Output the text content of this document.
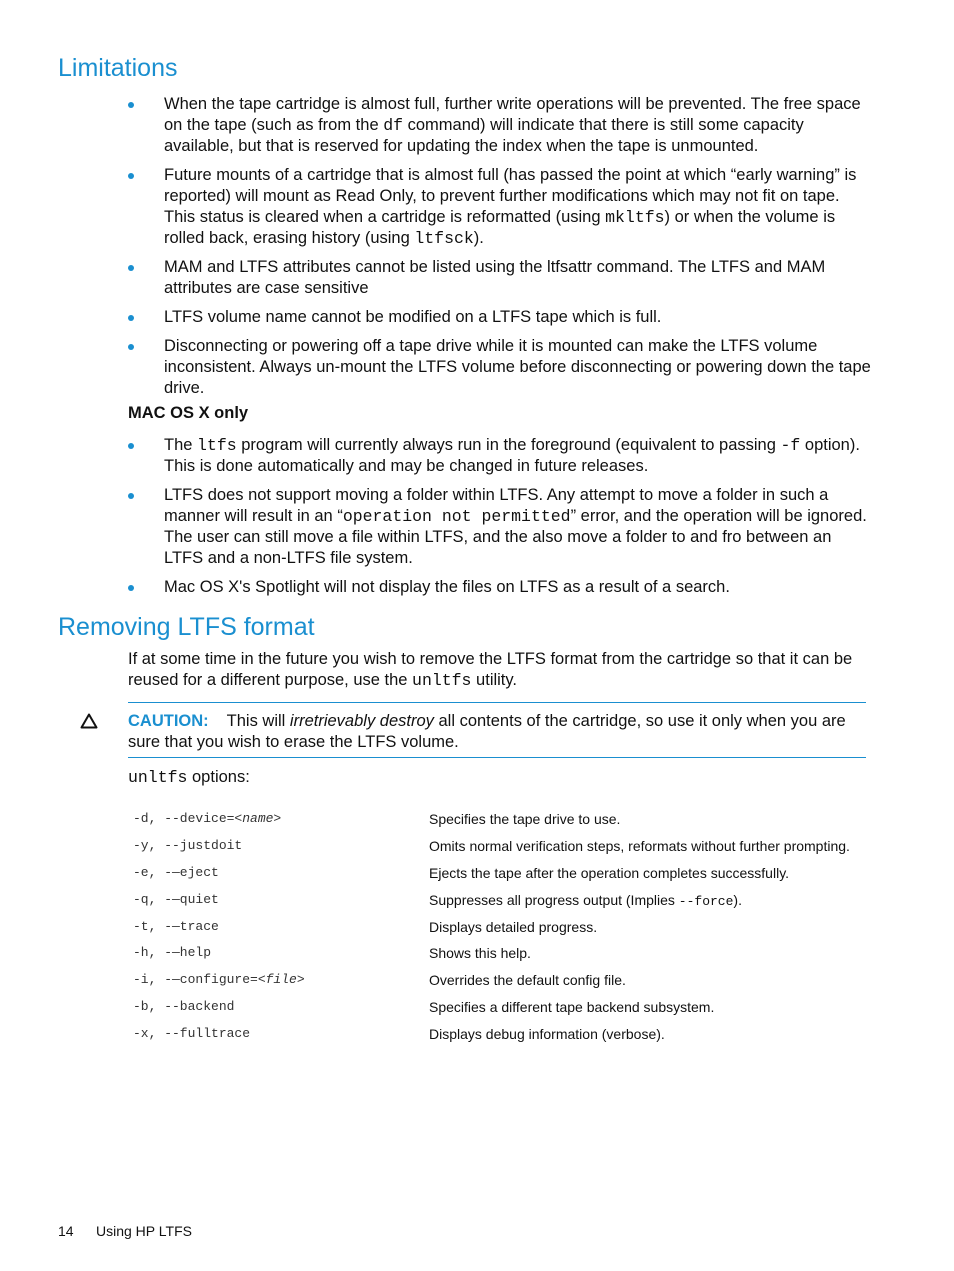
Limitations
When the tape cartridge is almost full, further write operations will be prevented. The free space on the tape (such as from the df command) will indicate that there is still some capacity available, but that is reserved for updating the index when the tape is unmounted.
Future mounts of a cartridge that is almost full (has passed the point at which “early warning” is reported) will mount as Read Only, to prevent further modifications which may not fit on tape. This status is cleared when a cartridge is reformatted (using mkltfs) or when the volume is rolled back, erasing history (using ltfsck).
MAM and LTFS attributes cannot be listed using the ltfsattr command. The LTFS and MAM attributes are case sensitive
LTFS volume name cannot be modified on a LTFS tape which is full.
Disconnecting or powering off a tape drive while it is mounted can make the LTFS volume inconsistent. Always un-mount the LTFS volume before disconnecting or powering down the tape drive.

MAC OS X only

The ltfs program will currently always run in the foreground (equivalent to passing -f option). This is done automatically and may be changed in future releases.
LTFS does not support moving a folder within LTFS. Any attempt to move a folder in such a manner will result in an “operation not permitted” error, and the operation will be ignored. The user can still move a file within LTFS, and the also move a folder to and fro between an LTFS and a non-LTFS file system.
Mac OS X's Spotlight will not display the files on LTFS as a result of a search.
Removing LTFS format

If at some time in the future you wish to remove the LTFS format from the cartridge so that it can be reused for a different purpose, use the unltfs utility.

CAUTION: This will irretrievably destroy all contents of the cartridge, so use it only when you are sure that you wish to erase the LTFS volume.

unltfs options:

-d, --device=<name>	Specifies the tape drive to use.
-y, --justdoit	Omits normal verification steps, reformats without further prompting.
-e, -—eject	Ejects the tape after the operation completes successfully.
-q, -—quiet	Suppresses all progress output (Implies --force).
-t, -—trace	Displays detailed progress.
-h, -—help	Shows this help.
-i, -—configure=<file>	Overrides the default config file.
-b, --backend	Specifies a different tape backend subsystem.
-x, --fulltrace	Displays debug information (verbose).
14 Using HP LTFS
